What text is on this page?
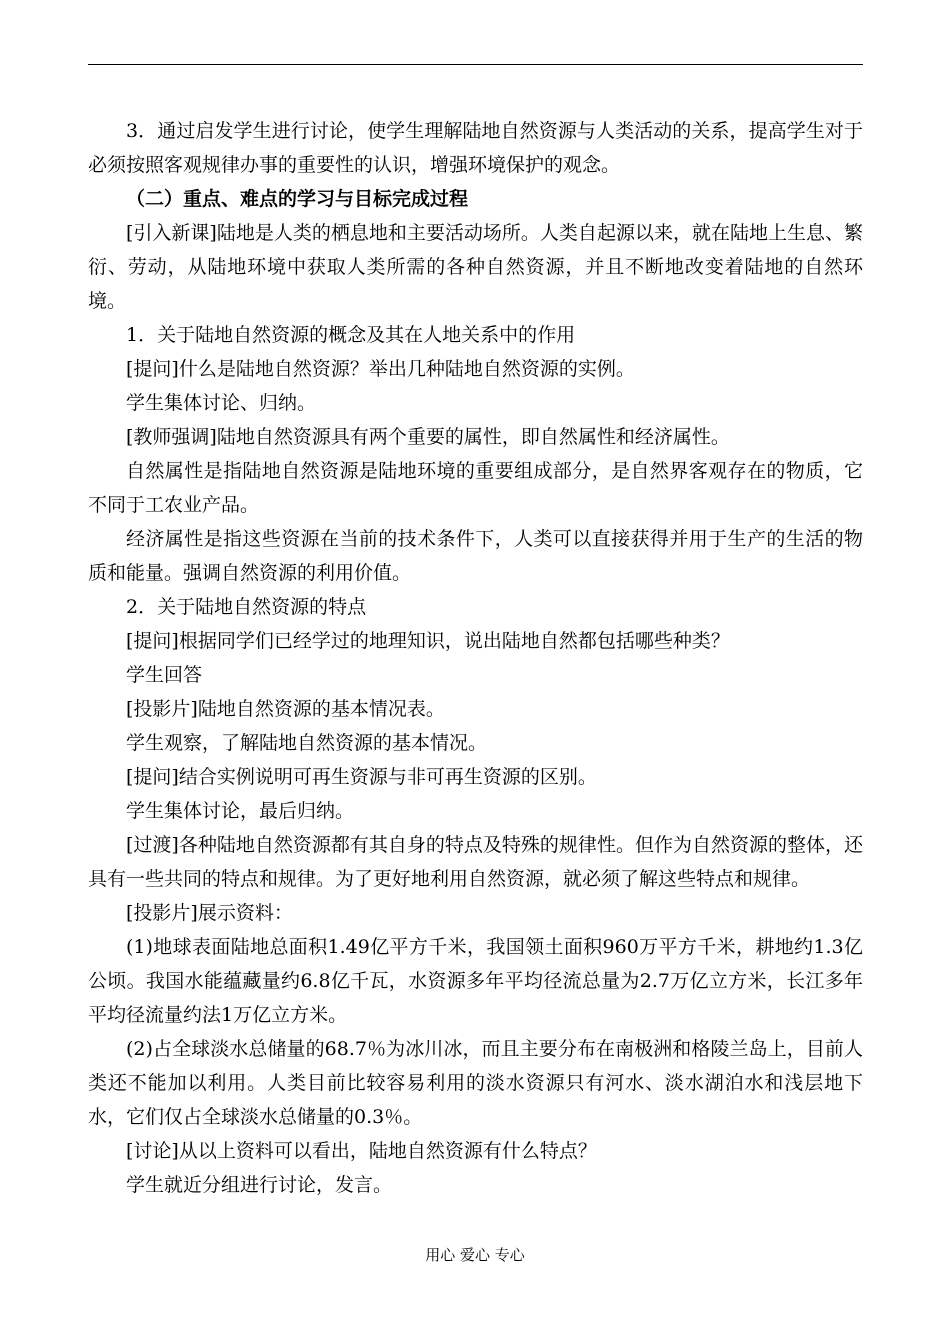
3．通过启发学生进行讨论，使学生理解陆地自然资源与人类活动的关系，提高学生对于必须按照客观规律办事的重要性的认识，增强环境保护的观念。

（二）重点、难点的学习与目标完成过程

[引入新课]陆地是人类的栖息地和主要活动场所。人类自起源以来，就在陆地上生息、繁衍、劳动，从陆地环境中获取人类所需的各种自然资源，并且不断地改变着陆地的自然环境。

1．关于陆地自然资源的概念及其在人地关系中的作用

[提问]什么是陆地自然资源？举出几种陆地自然资源的实例。

学生集体讨论、归纳。

[教师强调]陆地自然资源具有两个重要的属性，即自然属性和经济属性。

自然属性是指陆地自然资源是陆地环境的重要组成部分，是自然界客观存在的物质，它不同于工农业产品。

经济属性是指这些资源在当前的技术条件下，人类可以直接获得并用于生产的生活的物质和能量。强调自然资源的利用价值。

2．关于陆地自然资源的特点

[提问]根据同学们已经学过的地理知识，说出陆地自然都包括哪些种类？

学生回答

[投影片]陆地自然资源的基本情况表。

学生观察，了解陆地自然资源的基本情况。

[提问]结合实例说明可再生资源与非可再生资源的区别。

学生集体讨论，最后归纳。

[过渡]各种陆地自然资源都有其自身的特点及特殊的规律性。但作为自然资源的整体，还具有一些共同的特点和规律。为了更好地利用自然资源，就必须了解这些特点和规律。

[投影片]展示资料：

(1)地球表面陆地总面积1.49亿平方千米，我国领土面积960万平方千米，耕地约1.3亿公顷。我国水能蕴藏量约6.8亿千瓦，水资源多年平均径流总量为2.7万亿立方米，长江多年平均径流量约法1万亿立方米。

(2)占全球淡水总储量的68.7％为冰川冰，而且主要分布在南极洲和格陵兰岛上，目前人类还不能加以利用。人类目前比较容易利用的淡水资源只有河水、淡水湖泊水和浅层地下水，它们仅占全球淡水总储量的0.3％。

[讨论]从以上资料可以看出，陆地自然资源有什么特点？

学生就近分组进行讨论，发言。

用心 爱心 专心
